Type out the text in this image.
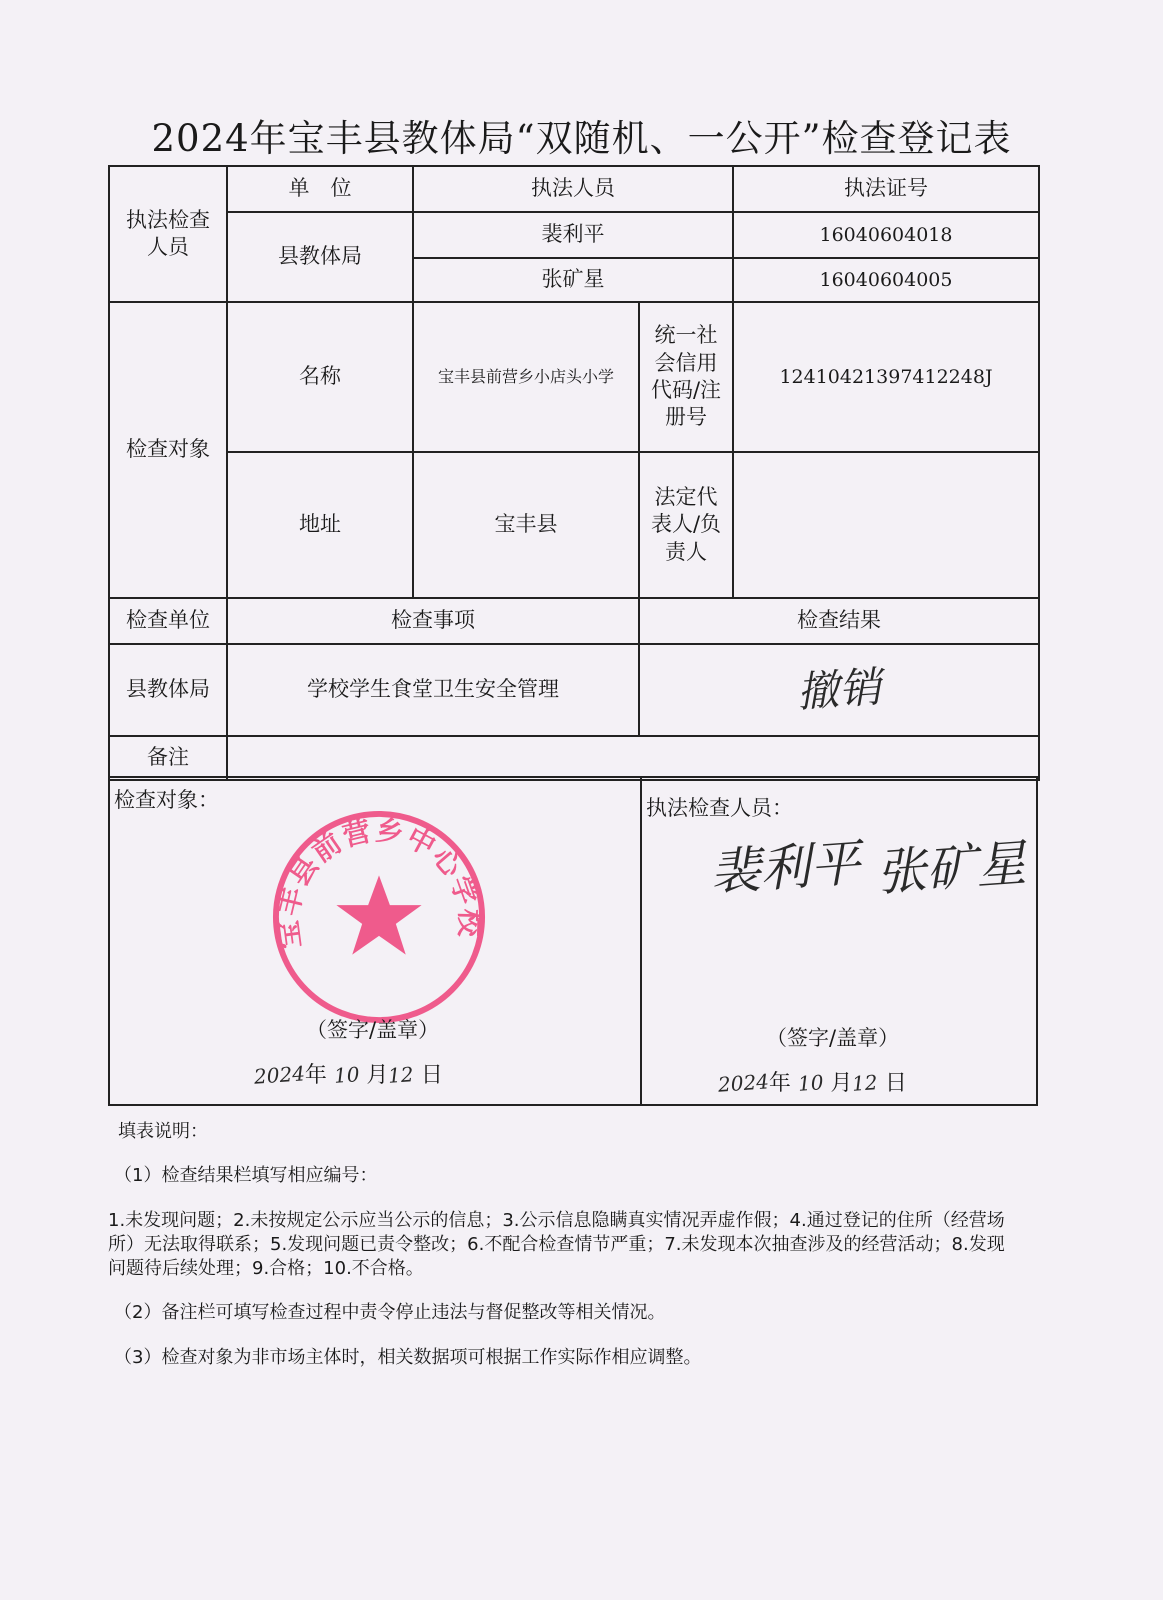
2024年宝丰县教体局“双随机、一公开”检查登记表
执法检查人员	单　位	执法人员		执法证号
	县教体局	裴利平		16040604018
		张矿星		16040604005
检查对象	名称	宝丰县前营乡小店头小学	统一社会信用代码/注册号	12410421397412248J
	地址	宝丰县	法定代表人/负责人	
检查单位	检查事项		检查结果	
县教体局	学校学生食堂卫生安全管理		撤销	
备注				
检查对象：
宝丰县前营乡中心学校
（签字/盖章）
2024年 10 月12 日
执法检查人员：
裴利平 张矿星
（签字/盖章）
2024年 10 月12 日

填表说明：

（1）检查结果栏填写相应编号：

1.未发现问题；2.未按规定公示应当公示的信息；3.公示信息隐瞒真实情况弄虚作假；4.通过登记的住所（经营场所）无法取得联系；5.发现问题已责令整改；6.不配合检查情节严重；7.未发现本次抽查涉及的经营活动；8.发现问题待后续处理；9.合格；10.不合格。

（2）备注栏可填写检查过程中责令停止违法与督促整改等相关情况。

（3）检查对象为非市场主体时，相关数据项可根据工作实际作相应调整。
